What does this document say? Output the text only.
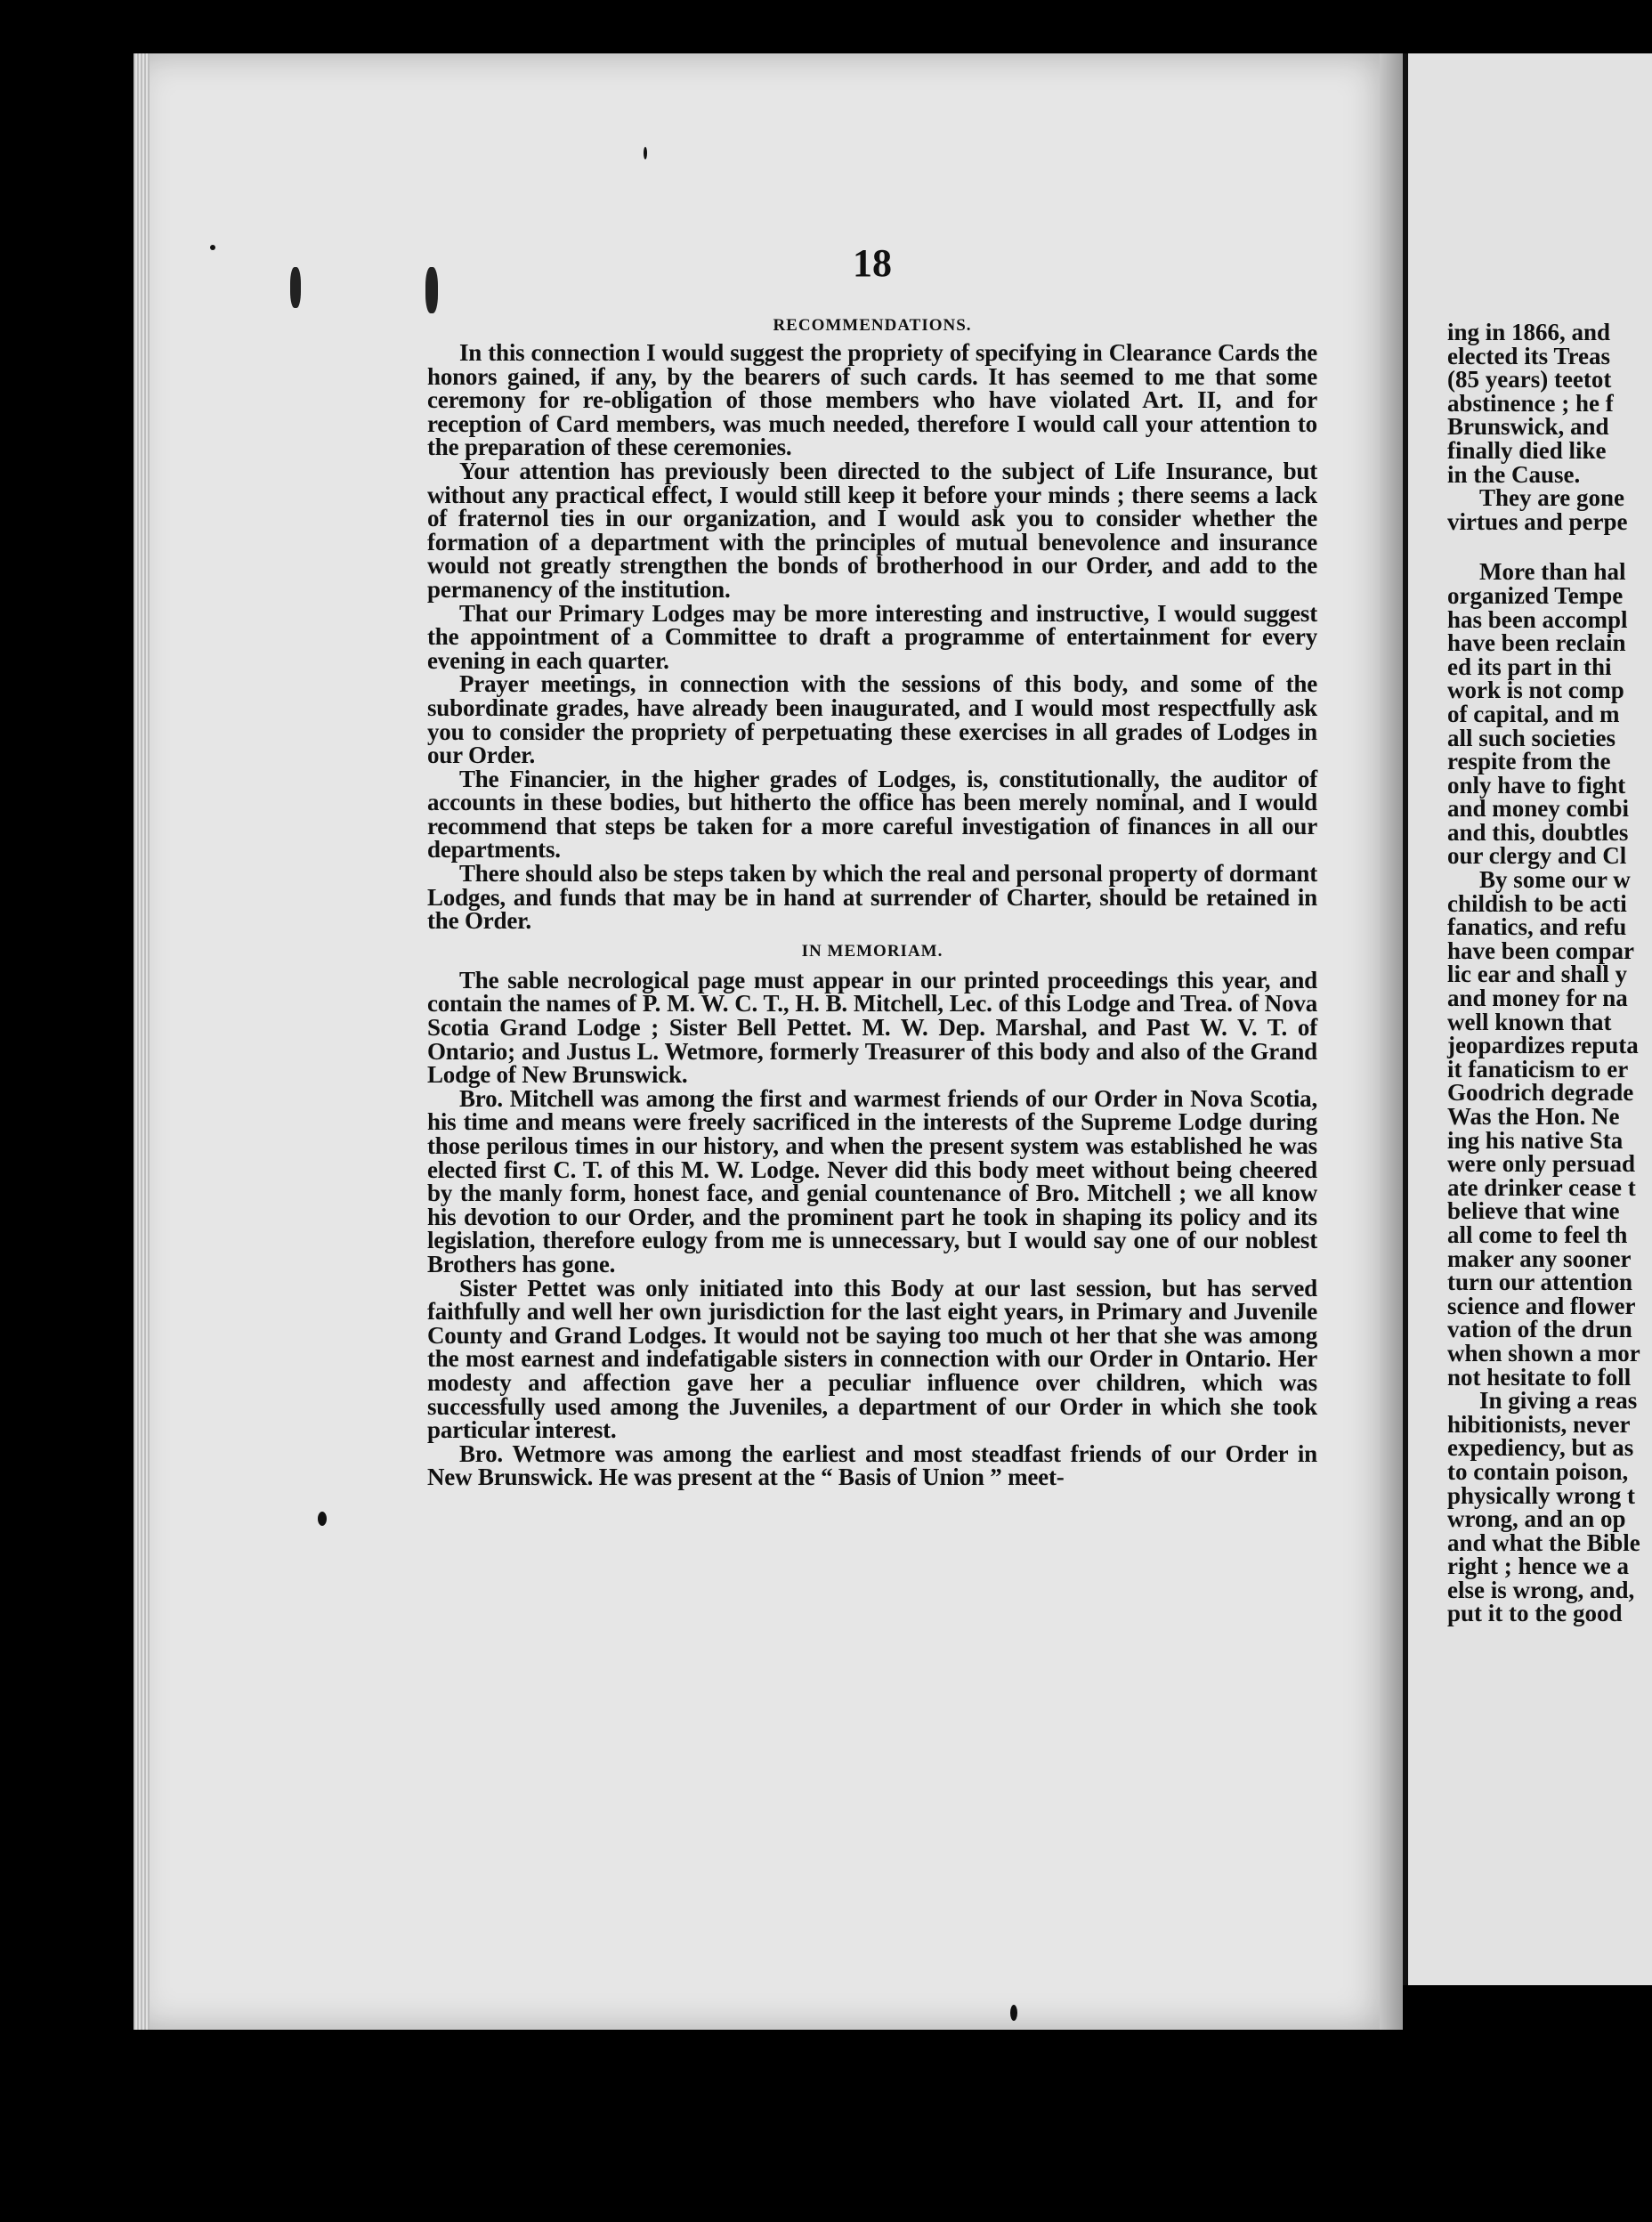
ing in 1866, and
elected its Treas
(85 years) teetot
abstinence ; he f
Brunswick, and
finally died like
in the Cause.
They are gone
virtues and perpe
More than hal
organized Tempe
has been accompl
have been reclain
ed its part in thi
work is not comp
of capital, and m
all such societies
respite from the
only have to fight
and money combi
and this, doubtles
our clergy and Cl
By some our w
childish to be acti
fanatics, and refu
have been compar
lic ear and shall y
and money for na
well known that
jeopardizes reputa
it fanaticism to er
Goodrich degrade
Was the Hon. Ne
ing his native Sta
were only persuad
ate drinker cease t
believe that wine
all come to feel th
maker any sooner
turn our attention
science and flower
vation of the drun
when shown a mor
not hesitate to foll
In giving a reas
hibitionists, never
expediency, but as
to contain poison,
physically wrong t
wrong, and an op
and what the Bible
right ; hence we a
else is wrong, and,
put it to the good
18
RECOMMENDATIONS.

In this connection I would suggest the propriety of specifying in Clearance Cards the honors gained, if any, by the bearers of such cards. It has seemed to me that some ceremony for re-obligation of those members who have violated Art. II, and for reception of Card members, was much needed, therefore I would call your attention to the preparation of these ceremonies.

Your attention has previously been directed to the subject of Life Insurance, but without any practical effect, I would still keep it before your minds ; there seems a lack of fraternol ties in our organization, and I would ask you to consider whether the formation of a department with the principles of mutual benevolence and insurance would not greatly strengthen the bonds of brotherhood in our Order, and add to the permanency of the institution.

That our Primary Lodges may be more interesting and instructive, I would suggest the appointment of a Committee to draft a programme of entertainment for every evening in each quarter.

Prayer meetings, in connection with the sessions of this body, and some of the subordinate grades, have already been inaugurated, and I would most respectfully ask you to consider the propriety of perpetuating these exercises in all grades of Lodges in our Order.

The Financier, in the higher grades of Lodges, is, constitutionally, the auditor of accounts in these bodies, but hitherto the office has been merely nominal, and I would recommend that steps be taken for a more careful investigation of finances in all our departments.

There should also be steps taken by which the real and personal property of dormant Lodges, and funds that may be in hand at surrender of Charter, should be retained in the Order.

IN MEMORIAM.

The sable necrological page must appear in our printed proceedings this year, and contain the names of P. M. W. C. T., H. B. Mitchell, Lec. of this Lodge and Trea. of Nova Scotia Grand Lodge ; Sister Bell Pettet. M. W. Dep. Marshal, and Past W. V. T. of Ontario; and Justus L. Wetmore, formerly Treasurer of this body and also of the Grand Lodge of New Brunswick.

Bro. Mitchell was among the first and warmest friends of our Order in Nova Scotia, his time and means were freely sacrificed in the interests of the Supreme Lodge during those perilous times in our history, and when the present system was established he was elected first C. T. of this M. W. Lodge. Never did this body meet without being cheered by the manly form, honest face, and genial countenance of Bro. Mitchell ; we all know his devotion to our Order, and the prominent part he took in shaping its policy and its legislation, therefore eulogy from me is unnecessary, but I would say one of our noblest Brothers has gone.

Sister Pettet was only initiated into this Body at our last session, but has served faithfully and well her own jurisdiction for the last eight years, in Primary and Juvenile County and Grand Lodges. It would not be saying too much ot her that she was among the most earnest and indefatigable sisters in connection with our Order in Ontario. Her modesty and affection gave her a peculiar influence over children, which was successfully used among the Juveniles, a department of our Order in which she took particular interest.

Bro. Wetmore was among the earliest and most steadfast friends of our Order in New Brunswick. He was present at the “ Basis of Union ” meet-
